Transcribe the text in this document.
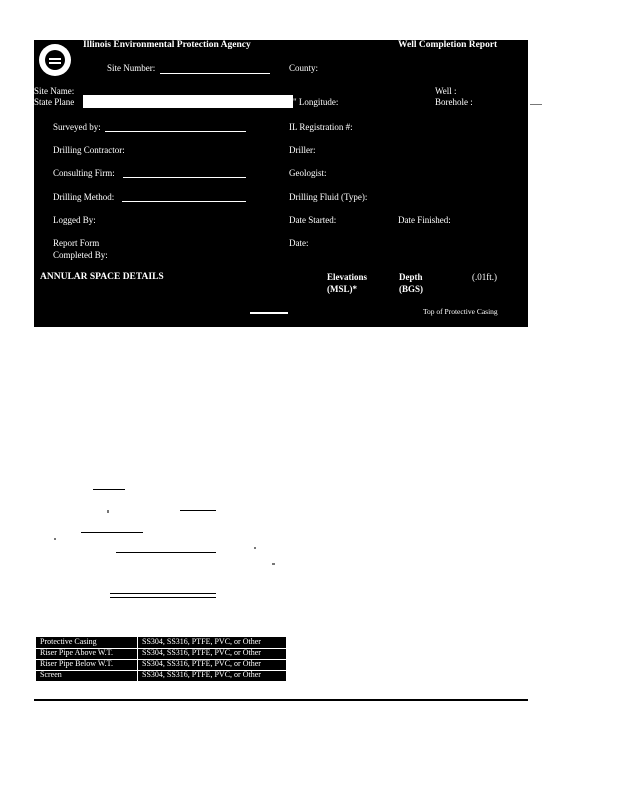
Illinois Environmental Protection Agency	Well Completion Report
Site Number:	County:
Site Name:
State Plane	" Longitude:
Well :
Borehole :
Surveyed by:	IL Registration #:
Drilling Contractor:	Driller:
Consulting Firm:	Geologist:
Drilling Method:	Drilling Fluid (Type):
Logged By:	Date Started:	Date Finished:
Report Form
Completed By:
Date:
ANNULAR SPACE DETAILS	Elevations
(MSL)*
Depth
(BGS)
(.01ft.)
Top of Protective Casing
Protective Casing	SS304, SS316, PTFE, PVC, or Other
Riser Pipe Above W.T.	SS304, SS316, PTFE, PVC, or Other
Riser Pipe Below W.T.	SS304, SS316, PTFE, PVC, or Other
Screen	SS304, SS316, PTFE, PVC, or Other
